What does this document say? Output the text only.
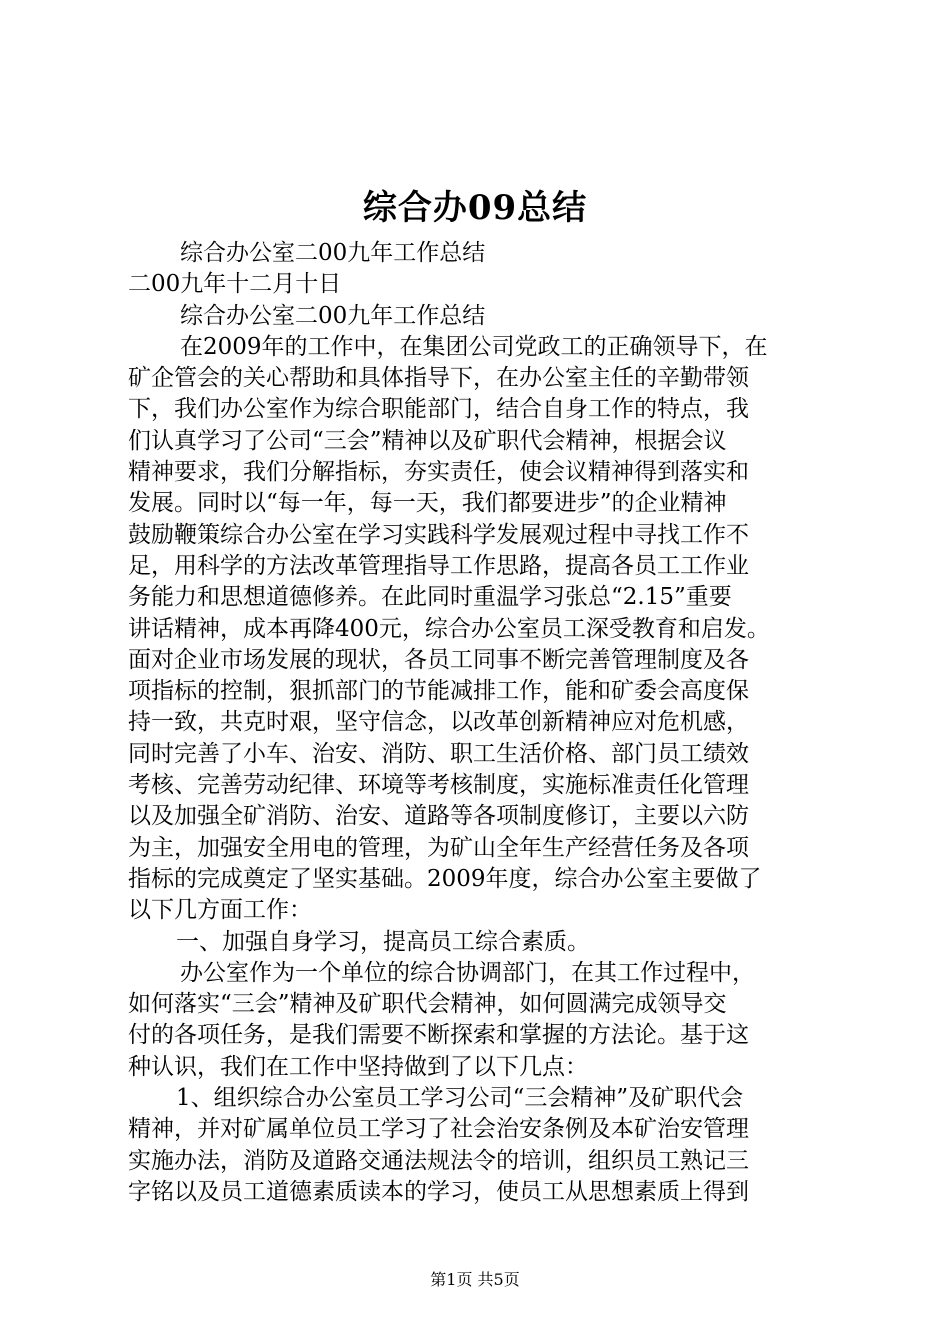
综合办09总结
综合办公室二00九年工作总结
二00九年十二月十日
综合办公室二00九年工作总结
在2009年的工作中，在集团公司党政工的正确领导下，在
矿企管会的关心帮助和具体指导下，在办公室主任的辛勤带领
下，我们办公室作为综合职能部门，结合自身工作的特点，我
们认真学习了公司“三会”精神以及矿职代会精神，根据会议
精神要求，我们分解指标，夯实责任，使会议精神得到落实和
发展。同时以“每一年，每一天，我们都要进步”的企业精神
鼓励鞭策综合办公室在学习实践科学发展观过程中寻找工作不
足，用科学的方法改革管理指导工作思路，提高各员工工作业
务能力和思想道德修养。在此同时重温学习张总“2.15”重要
讲话精神，成本再降400元，综合办公室员工深受教育和启发。
面对企业市场发展的现状，各员工同事不断完善管理制度及各
项指标的控制，狠抓部门的节能减排工作，能和矿委会高度保
持一致，共克时艰，坚守信念，以改革创新精神应对危机感，
同时完善了小车、治安、消防、职工生活价格、部门员工绩效
考核、完善劳动纪律、环境等考核制度，实施标准责任化管理
以及加强全矿消防、治安、道路等各项制度修订，主要以六防
为主，加强安全用电的管理，为矿山全年生产经营任务及各项
指标的完成奠定了坚实基础。2009年度，综合办公室主要做了
以下几方面工作：
一、加强自身学习，提高员工综合素质。
办公室作为一个单位的综合协调部门，在其工作过程中，
如何落实“三会”精神及矿职代会精神，如何圆满完成领导交
付的各项任务，是我们需要不断探索和掌握的方法论。基于这
种认识，我们在工作中坚持做到了以下几点：
1、组织综合办公室员工学习公司“三会精神”及矿职代会
精神，并对矿属单位员工学习了社会治安条例及本矿治安管理
实施办法，消防及道路交通法规法令的培训，组织员工熟记三
字铭以及员工道德素质读本的学习，使员工从思想素质上得到
第1页 共5页
